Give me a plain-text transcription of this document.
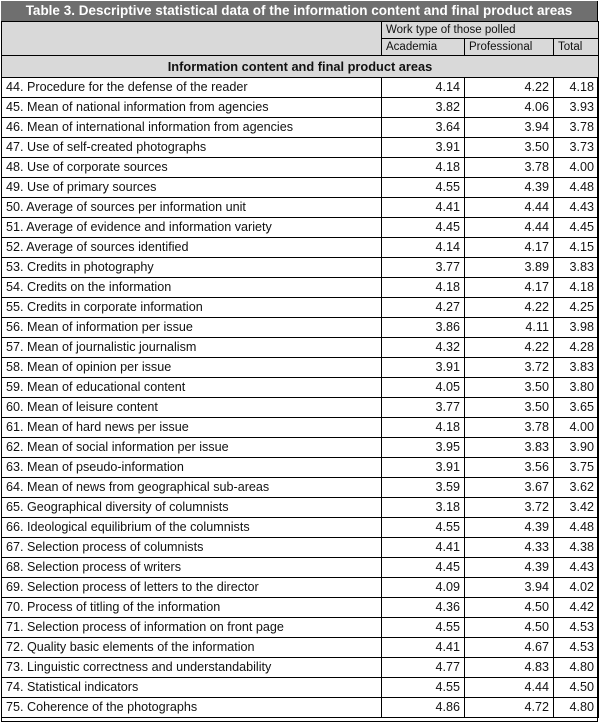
Table 3. Descriptive statistical data of the information content and final product areas
	Work type of those polled		
	Academia	Professional	Total
Information content and final product areas			
44. Procedure for the defense of the reader	4.14	4.22	4.18
45. Mean of national information from agencies	3.82	4.06	3.93
46. Mean of international information from agencies	3.64	3.94	3.78
47. Use of self-created photographs	3.91	3.50	3.73
48. Use of corporate sources	4.18	3.78	4.00
49. Use of primary sources	4.55	4.39	4.48
50. Average of sources per information unit	4.41	4.44	4.43
51. Average of evidence and information variety	4.45	4.44	4.45
52. Average of sources identified	4.14	4.17	4.15
53. Credits in photography	3.77	3.89	3.83
54. Credits on the information	4.18	4.17	4.18
55. Credits in corporate information	4.27	4.22	4.25
56. Mean of information per issue	3.86	4.11	3.98
57. Mean of journalistic journalism	4.32	4.22	4.28
58. Mean of opinion per issue	3.91	3.72	3.83
59. Mean of educational content	4.05	3.50	3.80
60. Mean of leisure content	3.77	3.50	3.65
61. Mean of hard news per issue	4.18	3.78	4.00
62. Mean of social information per issue	3.95	3.83	3.90
63. Mean of pseudo-information	3.91	3.56	3.75
64. Mean of news from geographical sub-areas	3.59	3.67	3.62
65. Geographical diversity of columnists	3.18	3.72	3.42
66. Ideological equilibrium of the columnists	4.55	4.39	4.48
67. Selection process of columnists	4.41	4.33	4.38
68. Selection process of writers	4.45	4.39	4.43
69. Selection process of letters to the director	4.09	3.94	4.02
70. Process of titling of the information	4.36	4.50	4.42
71. Selection process of information on front page	4.55	4.50	4.53
72. Quality basic elements of the information	4.41	4.67	4.53
73. Linguistic correctness and understandability	4.77	4.83	4.80
74. Statistical indicators	4.55	4.44	4.50
75. Coherence of the photographs	4.86	4.72	4.80
